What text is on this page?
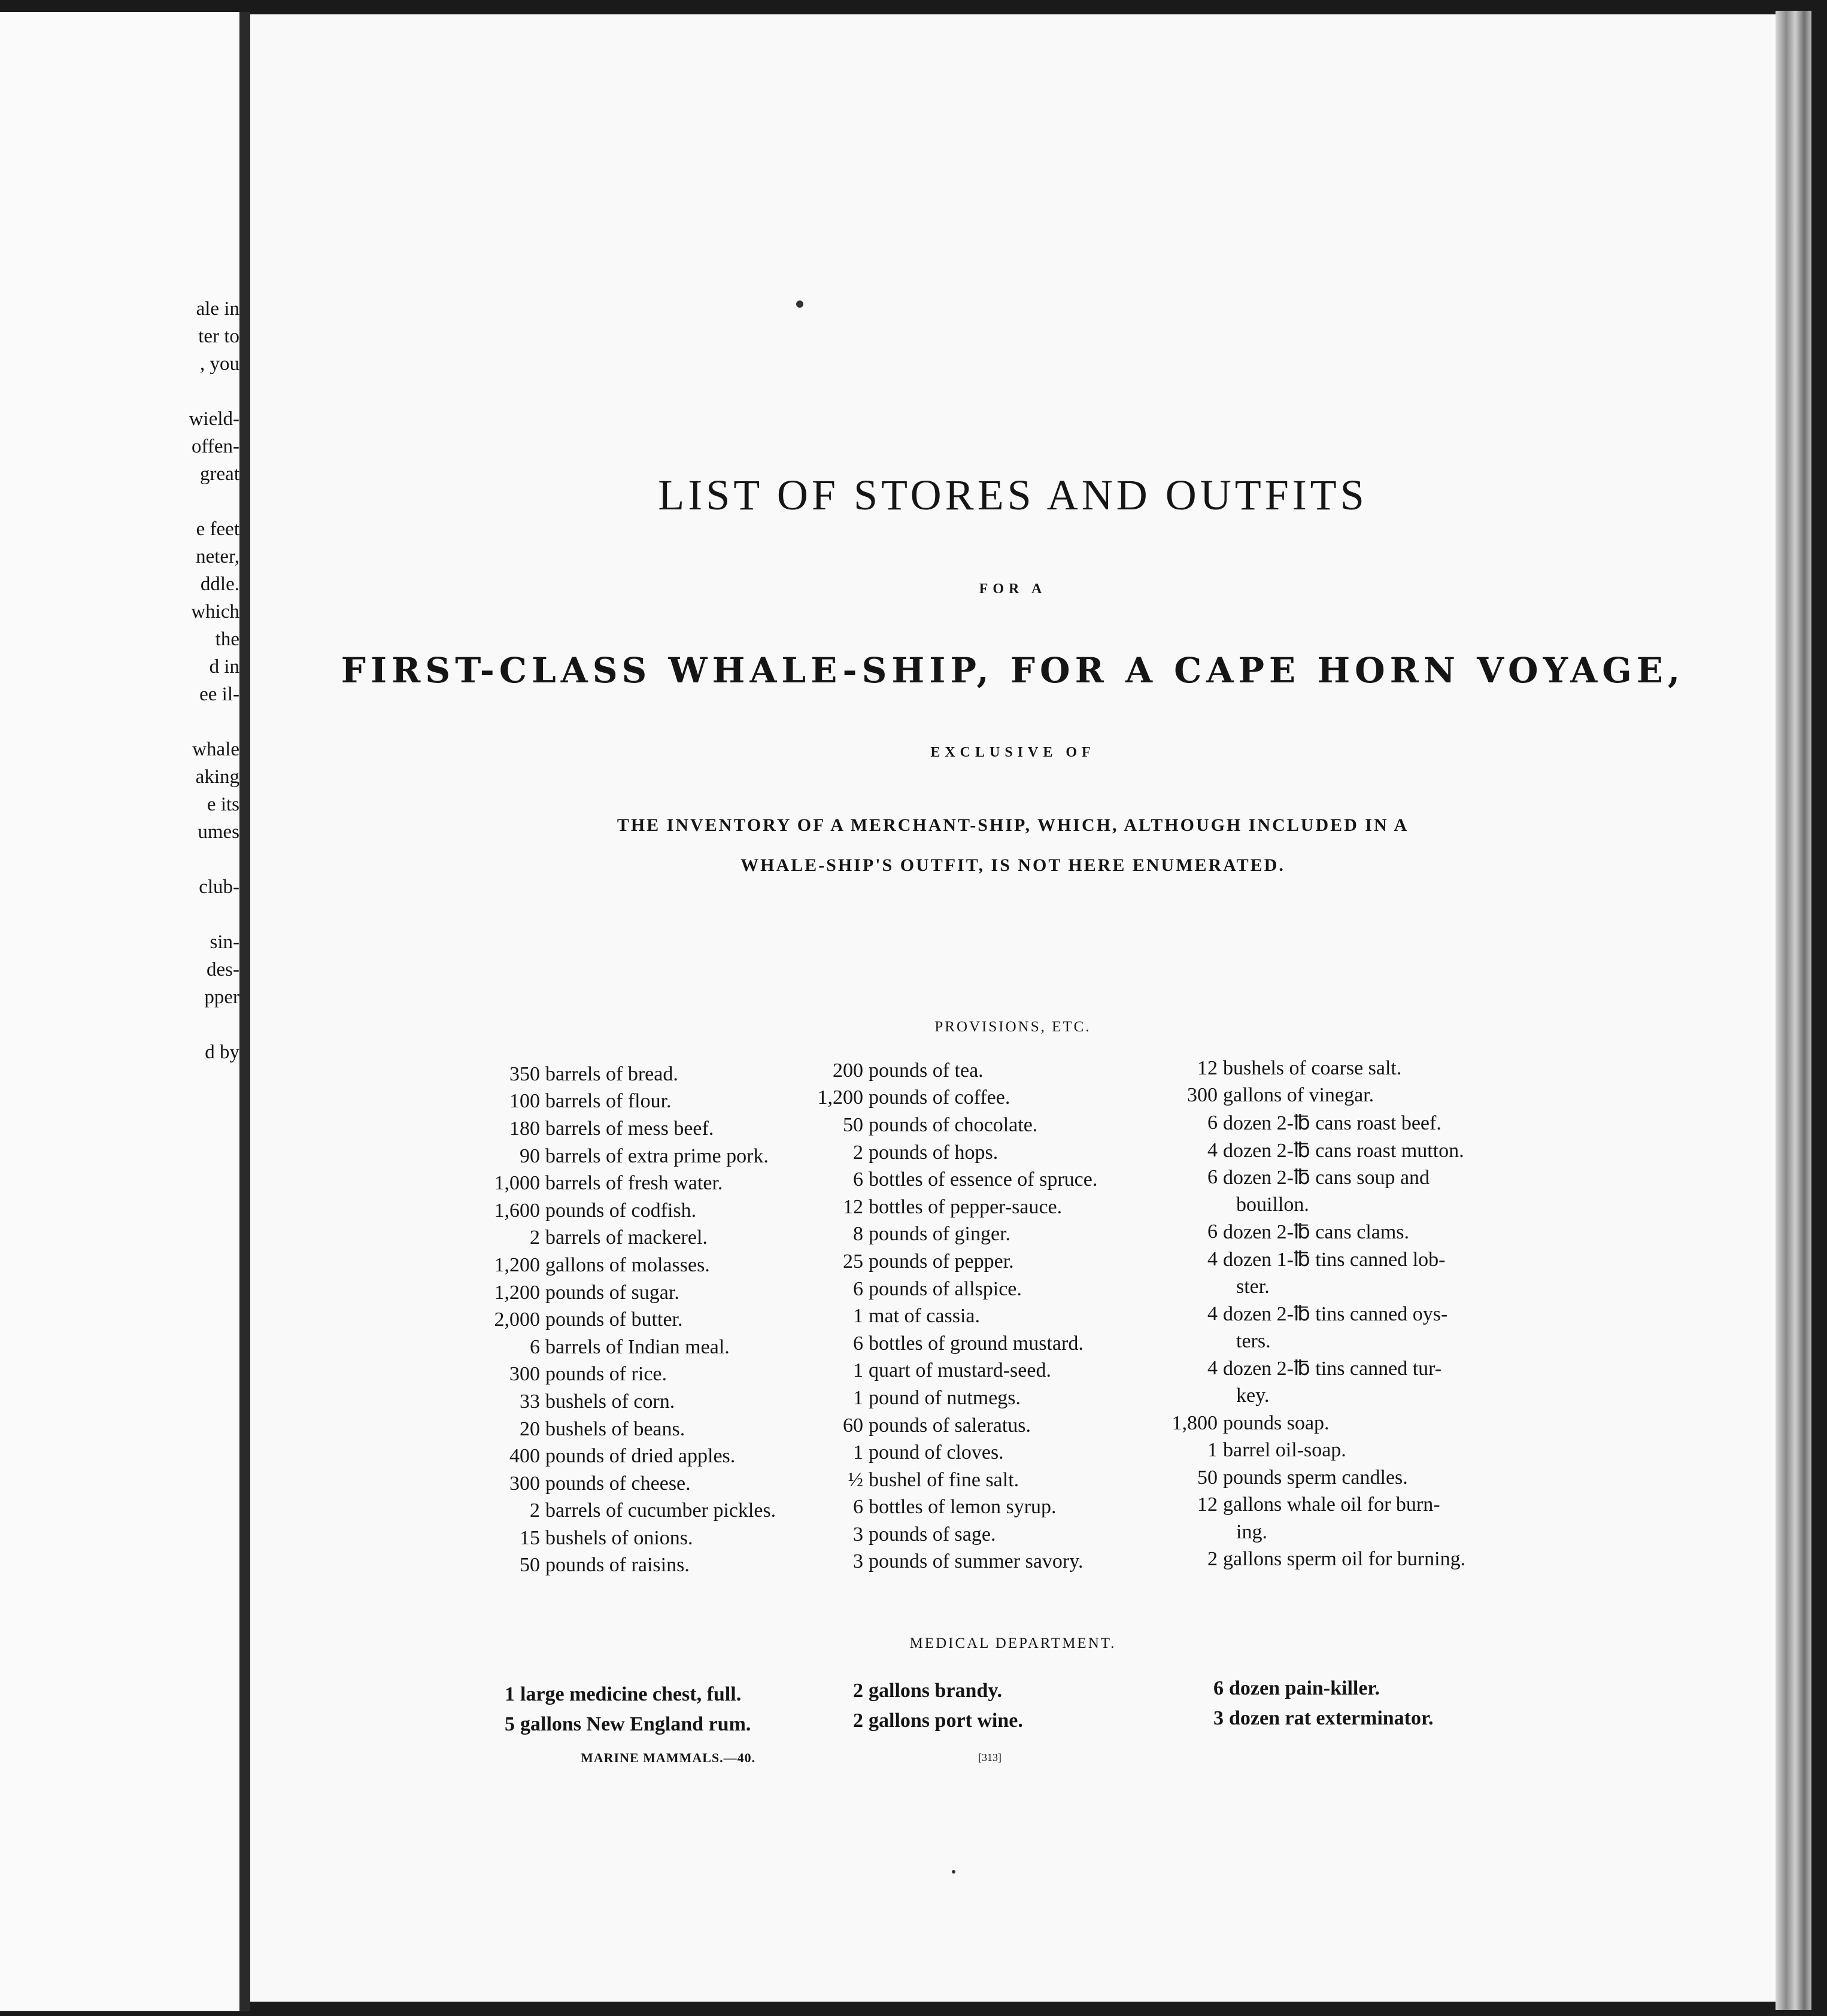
ale in
ter to
, you
wield-
offen-
great
e feet
neter,
ddle.
which
the
d in
ee il-
whale
aking
e its
umes
club-
sin-
des-
pper
d by
LIST OF STORES AND OUTFITS
FOR A
FIRST-CLASS WHALE-SHIP, FOR A CAPE HORN VOYAGE,
EXCLUSIVE OF
THE INVENTORY OF A MERCHANT-SHIP, WHICH, ALTHOUGH INCLUDED IN A
WHALE-SHIP'S OUTFIT, IS NOT HERE ENUMERATED.
PROVISIONS, ETC.
350 barrels of bread.
100 barrels of flour.
180 barrels of mess beef.
90 barrels of extra prime pork.
1,000 barrels of fresh water.
1,600 pounds of codfish.
2 barrels of mackerel.
1,200 gallons of molasses.
1,200 pounds of sugar.
2,000 pounds of butter.
6 barrels of Indian meal.
300 pounds of rice.
33 bushels of corn.
20 bushels of beans.
400 pounds of dried apples.
300 pounds of cheese.
2 barrels of cucumber pickles.
15 bushels of onions.
50 pounds of raisins.
200 pounds of tea.
1,200 pounds of coffee.
50 pounds of chocolate.
2 pounds of hops.
6 bottles of essence of spruce.
12 bottles of pepper-sauce.
8 pounds of ginger.
25 pounds of pepper.
6 pounds of allspice.
1 mat of cassia.
6 bottles of ground mustard.
1 quart of mustard-seed.
1 pound of nutmegs.
60 pounds of saleratus.
1 pound of cloves.
½ bushel of fine salt.
6 bottles of lemon syrup.
3 pounds of sage.
3 pounds of summer savory.
12 bushels of coarse salt.
300 gallons of vinegar.
6 dozen 2-℔ cans roast beef.
4 dozen 2-℔ cans roast mutton.
6 dozen 2-℔ cans soup and
bouillon.
6 dozen 2-℔ cans clams.
4 dozen 1-℔ tins canned lob-
ster.
4 dozen 2-℔ tins canned oys-
ters.
4 dozen 2-℔ tins canned tur-
key.
1,800 pounds soap.
1 barrel oil-soap.
50 pounds sperm candles.
12 gallons whale oil for burn-
ing.
2 gallons sperm oil for burning.
MEDICAL DEPARTMENT.
1 large medicine chest, full.
5 gallons New England rum.
2 gallons brandy.
2 gallons port wine.
6 dozen pain-killer.
3 dozen rat exterminator.
MARINE MAMMALS.—40.	[313]
